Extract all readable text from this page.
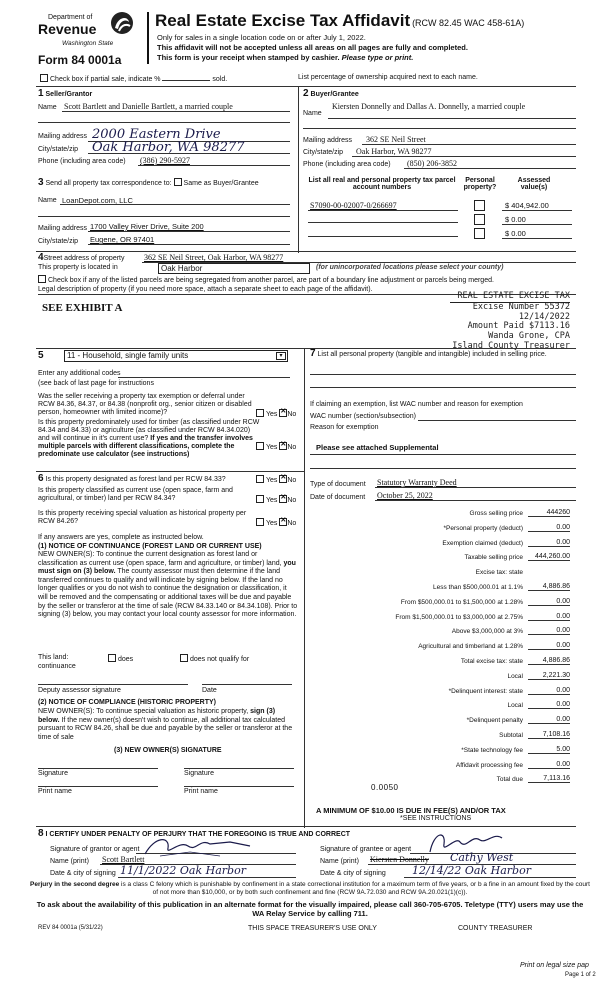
Department of
Revenue
Washington State
Form 84 0001a
Real Estate Excise Tax Affidavit (RCW 82.45 WAC 458-61A)
Only for sales in a single location code on or after July 1, 2022.
This affidavit will not be accepted unless all areas on all pages are fully and completed.
This form is your receipt when stamped by cashier. Please type or print.
Check box if partial sale, indicate %	sold.	List percentage of ownership acquired next to each name.
1 Seller/Grantor
Name Scott Bartlett and Danielle Bartlett, a married couple
Mailing address 2000 Eastern Drive
City/state/zip Oak Harbor, WA 98277
Phone (including area code) (386) 290-5927
2 Buyer/Grantee
Kiersten Donnelly and Dallas A. Donnelly, a married couple
Name
Mailing address 362 SE Neil Street
City/state/zip Oak Harbor, WA 98277
Phone (including area code) (850) 206-3852
3 Send all property tax correspondence to: Same as Buyer/Grantee
Name LoanDepot.com, LLC
Mailing address 1700 Valley River Drive, Suite 200
City/state/zip Eugene, OR 97401
List all real and personal property tax parcel account numbers
Personal property?
Assessed value(s)
S7090-00-02007-0/266697	$ 404,942.00
$ 0.00
$ 0.00
4Street address of property 362 SE Neil Street, Oak Harbor, WA 98277
This property is located in	Oak Harbor	(for unincorporated locations please select your county)
Check box if any of the listed parcels are being segregated from another parcel, are part of a boundary line adjustment or parcels being merged.
Legal description of property (if you need more space, attach a separate sheet to each page of the affidavit).
SEE EXHIBIT A
REAL ESTATE EXCISE TAX
Excise Number 55372
12/14/2022
Amount Paid $7113.16
Wanda Grone, CPA
Island County Treasurer
5	11 - Household, single family units	▾
Enter any additional codes
(see back of last page for instructions
Was the seller receiving a property tax exemption or deferral under RCW 84.36, 84.37, or 84.38 (nonprofit org., senior citizen or disabled person, homeowner with limited income)?	Yes ✕ No
Is this property predominately used for timber (as classified under RCW 84.34 and 84.33) or agriculture (as classified under RCW 84.34.020) and will continue in it's current use? If yes and the transfer involves multiple parcels with different classifications, complete the predominate use calculator (see instructions)
Yes ✕ No
7 List all personal property (tangible and intangible) included in selling price.
If claiming an exemption, list WAC number and reason for exemption
WAC number (section/subsection)
Reason for exemption
Please see attached Supplemental
6 Is this property designated as forest land per RCW 84.33?	Yes ✕ No
Is this property classified as current use (open space, farm and agricultural, or timber) land per RCW 84.34?	Yes ✕ No
Is this property receiving special valuation as historical property per RCW 84.26?	Yes ✕ No
If any answers are yes, complete as instructed below.
(1) NOTICE OF CONTINUANCE (FOREST LAND OR CURRENT USE)
NEW OWNER(S): To continue the current designation as forest land or classification as current use (open space, farm and agriculture, or timber) land, you must sign on (3) below. The county assessor must then determine if the land transferred continues to qualify and will indicate by signing below. If the land no longer qualifies or you do not wish to continue the designation or classification, it will be removed and the compensating or additional taxes will be due and payable by the seller or transferor at the time of sale (RCW 84.33.140 or 84.34.108). Prior to signing (3) below, you may contact your local county assessor for more information.
This land:
continuance
does	does not qualify for
Deputy assessor signature	Date
(2) NOTICE OF COMPLIANCE (HISTORIC PROPERTY)
NEW OWNER(S): To continue special valuation as historic property, sign (3) below. If the new owner(s) doesn't wish to continue, all additional tax calculated pursuant to RCW 84.26, shall be due and payable by the seller or transferor at the time of sale
(3) NEW OWNER(S) SIGNATURE
Signature	Signature
Print name	Print name
Type of document Statutory Warranty Deed
Date of document October 25, 2022
Gross selling price	444260
*Personal property (deduct)	0.00
Exemption claimed (deduct)	0.00
Taxable selling price	444,260.00
Excise tax: state
Less than $500,000.01 at 1.1%	4,886.86
From $500,000.01 to $1,500,000 at 1.28%	0.00
From $1,500,000.01 to $3,000,000 at 2.75%	0.00
Above $3,000,000 at 3%	0.00
Agricultural and timberland at 1.28%	0.00
Total excise tax: state	4,886.86
Local	2,221.30
*Delinquent interest: state	0.00
Local	0.00
*Delinquent penalty	0.00
Subtotal	7,108.16
*State technology fee	5.00
Affidavit processing fee	0.00
Total due	7,113.16
0.0050
A MINIMUM OF $10.00 IS DUE IN FEE(S) AND/OR TAX
*SEE INSTRUCTIONS
8 I CERTIFY UNDER PENALTY OF PERJURY THAT THE FOREGOING IS TRUE AND CORRECT
Signature of grantor or agent
Name (print) Scott Bartlett
Date & city of signing 11/1/2022 Oak Harbor
Signature of grantee or agent
Name (print) Kiersten Donnelly Cathy West
Date & city of signing 12/14/22 Oak Harbor
Perjury in the second degree is a class C felony which is punishable by confinement in a state correctional institution for a maximum term of five years, or b a fine in an amount fixed by the court of not more than $10,000, or by both such confinement and fine (RCW 9A.72.030 and RCW 9A.20.021(1)(c)).
To ask about the availability of this publication in an alternate format for the visually impaired, please call 360-705-6705. Teletype (TTY) users may use the WA Relay Service by calling 711.
REV 84 0001a (5/31/22)	THIS SPACE TREASURER'S USE ONLY	COUNTY TREASURER
Print on legal size pap
Page 1 of 2
